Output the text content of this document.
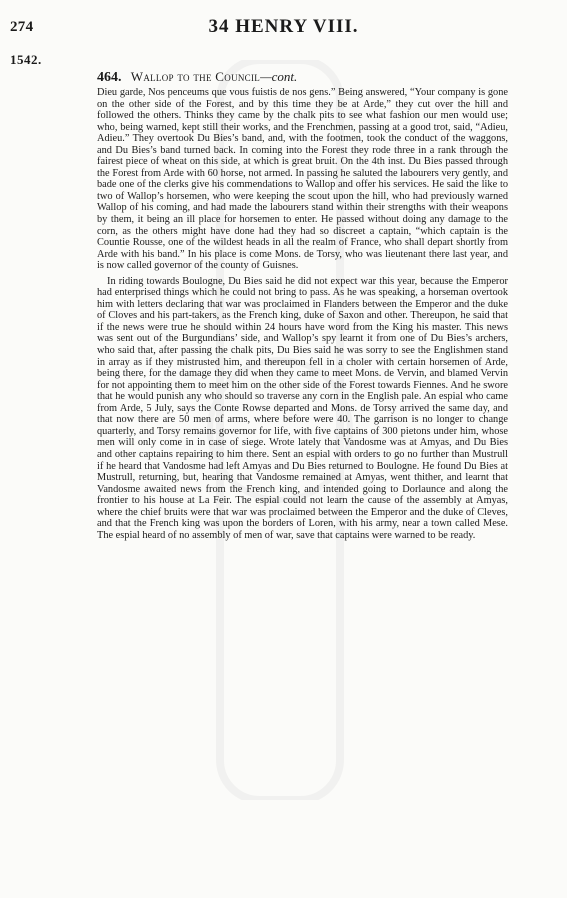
274	34 HENRY VIII.
1542.
464. Wallop to the Council—cont.

Dieu garde, Nos penceums que vous fuistis de nos gens.” Being answered, “Your company is gone on the other side of the Forest, and by this time they be at Arde,” they cut over the hill and followed the others. Thinks they came by the chalk pits to see what fashion our men would use; who, being warned, kept still their works, and the Frenchmen, passing at a good trot, said, “Adieu, Adieu.” They overtook Du Bies’s band, and, with the footmen, took the conduct of the waggons, and Du Bies’s band turned back. In coming into the Forest they rode three in a rank through the fairest piece of wheat on this side, at which is great bruit. On the 4th inst. Du Bies passed through the Forest from Arde with 60 horse, not armed. In passing he saluted the labourers very gently, and bade one of the clerks give his commendations to Wallop and offer his services. He said the like to two of Wallop’s horsemen, who were keeping the scout upon the hill, who had previously warned Wallop of his coming, and had made the labourers stand within their strengths with their weapons by them, it being an ill place for horsemen to enter. He passed without doing any damage to the corn, as the others might have done had they had so discreet a captain, “which captain is the Countie Rousse, one of the wildest heads in all the realm of France, who shall depart shortly from Arde with his band.” In his place is come Mons. de Torsy, who was lieutenant there last year, and is now called governor of the county of Guisnes.

In riding towards Boulogne, Du Bies said he did not expect war this year, because the Emperor had enterprised things which he could not bring to pass. As he was speaking, a horseman overtook him with letters declaring that war was proclaimed in Flanders between the Emperor and the duke of Cloves and his part-takers, as the French king, duke of Saxon and other. Thereupon, he said that if the news were true he should within 24 hours have word from the King his master. This news was sent out of the Burgundians’ side, and Wallop’s spy learnt it from one of Du Bies’s archers, who said that, after passing the chalk pits, Du Bies said he was sorry to see the Englishmen stand in array as if they mistrusted him, and thereupon fell in a choler with certain horsemen of Arde, being there, for the damage they did when they came to meet Mons. de Vervin, and blamed Vervin for not appointing them to meet him on the other side of the Forest towards Fiennes. And he swore that he would punish any who should so traverse any corn in the English pale. An espial who came from Arde, 5 July, says the Conte Rowse departed and Mons. de Torsy arrived the same day, and that now there are 50 men of arms, where before were 40. The garrison is no longer to change quarterly, and Torsy remains governor for life, with five captains of 300 pietons under him, whose men will only come in in case of siege. Wrote lately that Vandosme was at Amyas, and Du Bies and other captains repairing to him there. Sent an espial with orders to go no further than Mustrull if he heard that Vandosme had left Amyas and Du Bies returned to Boulogne. He found Du Bies at Mustrull, returning, but, hearing that Vandosme remained at Amyas, went thither, and learnt that Vandosme awaited news from the French king, and intended going to Dorlaunce and along the frontier to his house at La Feir. The espial could not learn the cause of the assembly at Amyas, where the chief bruits were that war was proclaimed between the Emperor and the duke of Cleves, and that the French king was upon the borders of Loren, with his army, near a town called Mese. The espial heard of no assembly of men of war, save that captains were warned to be ready.
